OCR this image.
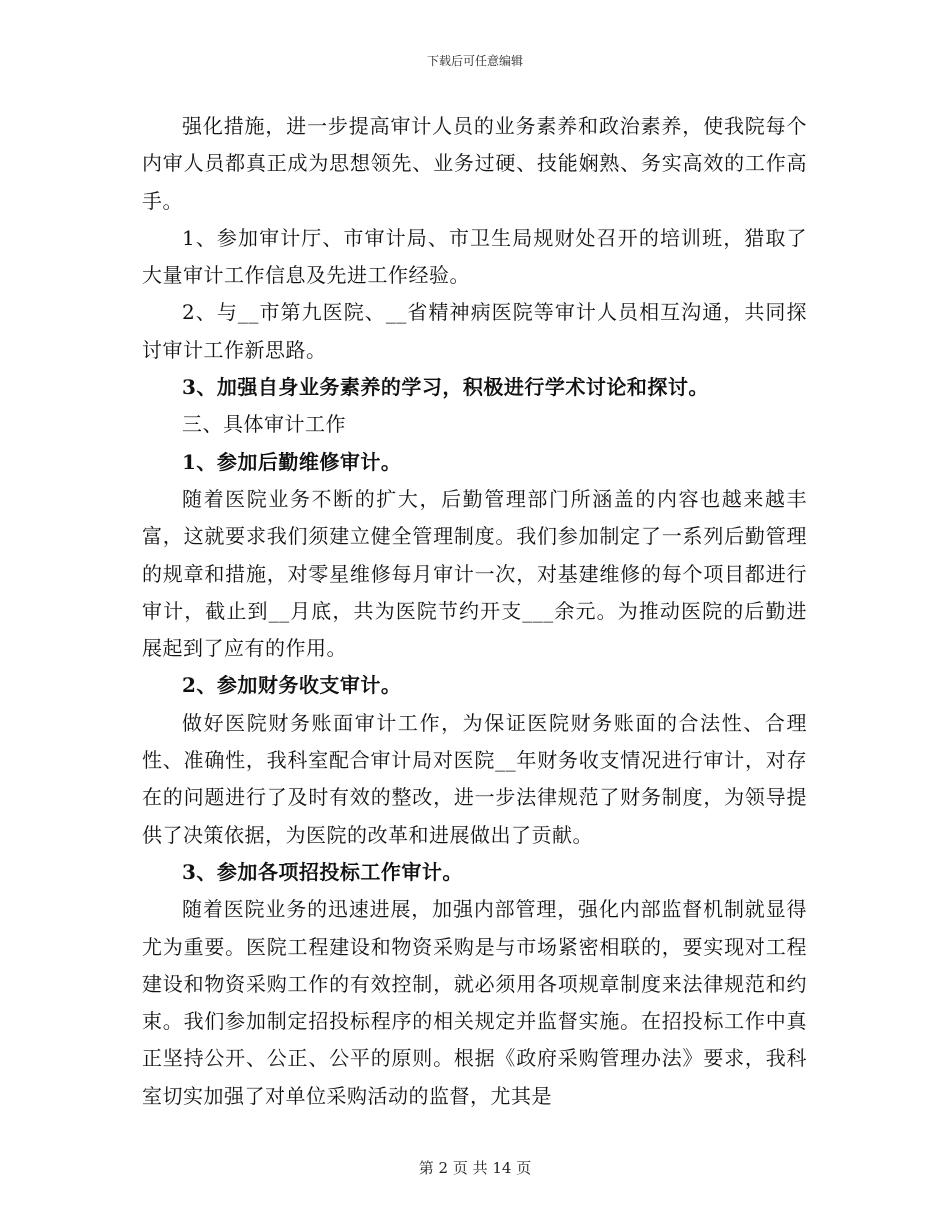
下载后可任意编辑

强化措施，进一步提高审计人员的业务素养和政治素养，使我院每个内审人员都真正成为思想领先、业务过硬、技能娴熟、务实高效的工作高手。

1、参加审计厅、市审计局、市卫生局规财处召开的培训班，猎取了大量审计工作信息及先进工作经验。

2、与__市第九医院、__省精神病医院等审计人员相互沟通，共同探讨审计工作新思路。

3、加强自身业务素养的学习，积极进行学术讨论和探讨。

三、具体审计工作

1、参加后勤维修审计。

随着医院业务不断的扩大，后勤管理部门所涵盖的内容也越来越丰富，这就要求我们须建立健全管理制度。我们参加制定了一系列后勤管理的规章和措施，对零星维修每月审计一次，对基建维修的每个项目都进行审计，截止到__月底，共为医院节约开支___余元。为推动医院的后勤进展起到了应有的作用。

2、参加财务收支审计。

做好医院财务账面审计工作，为保证医院财务账面的合法性、合理性、准确性，我科室配合审计局对医院__年财务收支情况进行审计，对存在的问题进行了及时有效的整改，进一步法律规范了财务制度，为领导提供了决策依据，为医院的改革和进展做出了贡献。

3、参加各项招投标工作审计。

随着医院业务的迅速进展，加强内部管理，强化内部监督机制就显得尤为重要。医院工程建设和物资采购是与市场紧密相联的，要实现对工程建设和物资采购工作的有效控制，就必须用各项规章制度来法律规范和约束。我们参加制定招投标程序的相关规定并监督实施。在招投标工作中真正坚持公开、公正、公平的原则。根据《政府采购管理办法》要求，我科室切实加强了对单位采购活动的监督，尤其是

第 2 页 共 14 页
